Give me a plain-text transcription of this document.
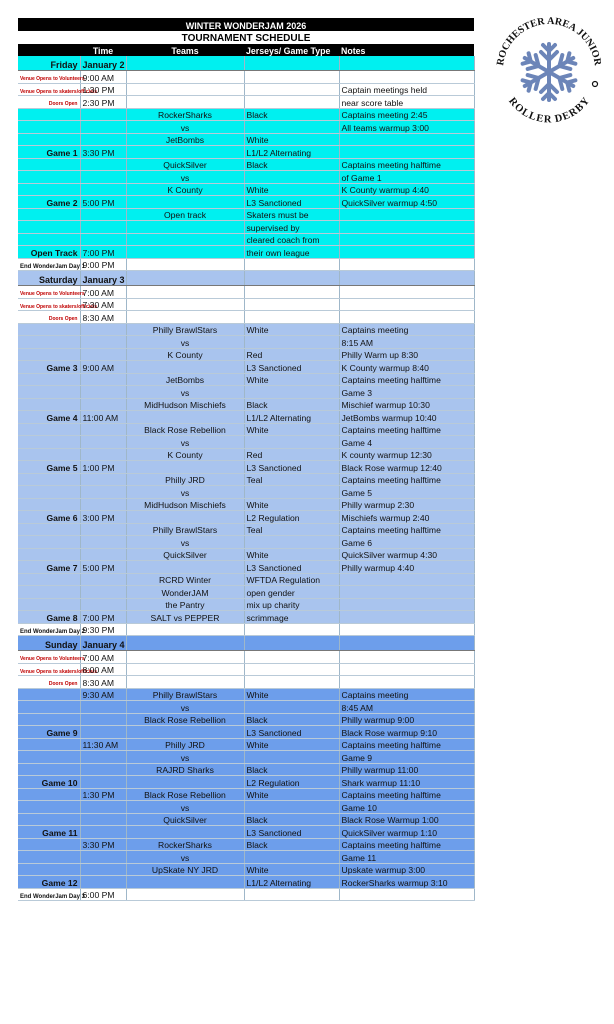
WINTER WONDERJAM 2026				
TOURNAMENT SCHEDULE				
	Time	Teams	Jerseys/ Game Type	Notes
Friday	January 2			
Venue Opens to Volunteers	9:00 AM			
Venue Opens to skaters/officials	1:30 PM			Captain meetings held
Doors Open	2:30 PM			near score table
		RockerSharks	Black	Captains meeting 2:45
		vs		All teams warmup 3:00
		JetBombs	White	
Game 1	3:30 PM		L1/L2 Alternating	
		QuickSilver	Black	Captains meeting halftime
		vs		of Game 1
		K County	White	K County warmup 4:40
Game 2	5:00 PM		L3 Sanctioned	QuickSilver warmup 4:50
		Open track	Skaters must be	
			supervised by	
			cleared coach from	
Open Track	7:00 PM		their own league	
End WonderJam Day 1	9:00 PM			
Saturday	January 3			
Venue Opens to Volunteers	7:00 AM			
Venue Opens to skaters/officials	7:30 AM			
Doors Open	8:30 AM			
		Philly BrawlStars	White	Captains meeting
		vs		8:15 AM
		K County	Red	Philly Warm up 8:30
Game 3	9:00 AM		L3 Sanctioned	K County warmup 8:40
		JetBombs	White	Captains meeting halftime
		vs		Game 3
		MidHudson Mischiefs	Black	Mischief warmup 10:30
Game 4	11:00 AM		L1/L2 Alternating	JetBombs warmup 10:40
		Black Rose Rebellion	White	Captains meeting halftime
		vs		Game 4
		K County	Red	K county warmup 12:30
Game 5	1:00 PM		L3 Sanctioned	Black Rose warmup 12:40
		Philly JRD	Teal	Captains meeting halftime
		vs		Game 5
		MidHudson Mischiefs	White	Philly warmup 2:30
Game 6	3:00 PM		L2 Regulation	Mischiefs warmup 2:40
		Philly BrawlStars	Teal	Captains meeting halftime
		vs		Game 6
		QuickSilver	White	QuickSilver warmup 4:30
Game 7	5:00 PM		L3 Sanctioned	Philly warmup 4:40
		RCRD Winter	WFTDA Regulation	
		WonderJAM	open gender	
		the Pantry	mix up charity	
Game 8	7:00 PM	SALT vs PEPPER	scrimmage	
End WonderJam Day 2	9:30 PM			
Sunday	January 4			
Venue Opens to Volunteers	7:00 AM			
Venue Opens to skaters/officials	8:00 AM			
Doors Open	8:30 AM			
	9:30 AM	Philly BrawlStars	White	Captains meeting
		vs		8:45 AM
		Black Rose Rebellion	Black	Philly warmup 9:00
Game 9			L3 Sanctioned	Black Rose warmup 9:10
	11:30 AM	Philly JRD	White	Captains meeting halftime
		vs		Game 9
		RAJRD Sharks	Black	Philly warmup 11:00
Game 10			L2 Regulation	Shark warmup 11:10
	1:30 PM	Black Rose Rebellion	White	Captains meeting halftime
		vs		Game 10
		QuickSilver	Black	Black Rose Warmup 1:00
Game 11			L3 Sanctioned	QuickSilver warmup 1:10
	3:30 PM	RockerSharks	Black	Captains meeting halftime
		vs		Game 11
		UpSkate NY JRD	White	Upskate warmup 3:00
Game 12			L1/L2 Alternating	RockerSharks warmup 3:10
End WonderJam Day 3	6:00 PM			
ROCHESTER AREA JUNIOR
ROLLER DERBY
